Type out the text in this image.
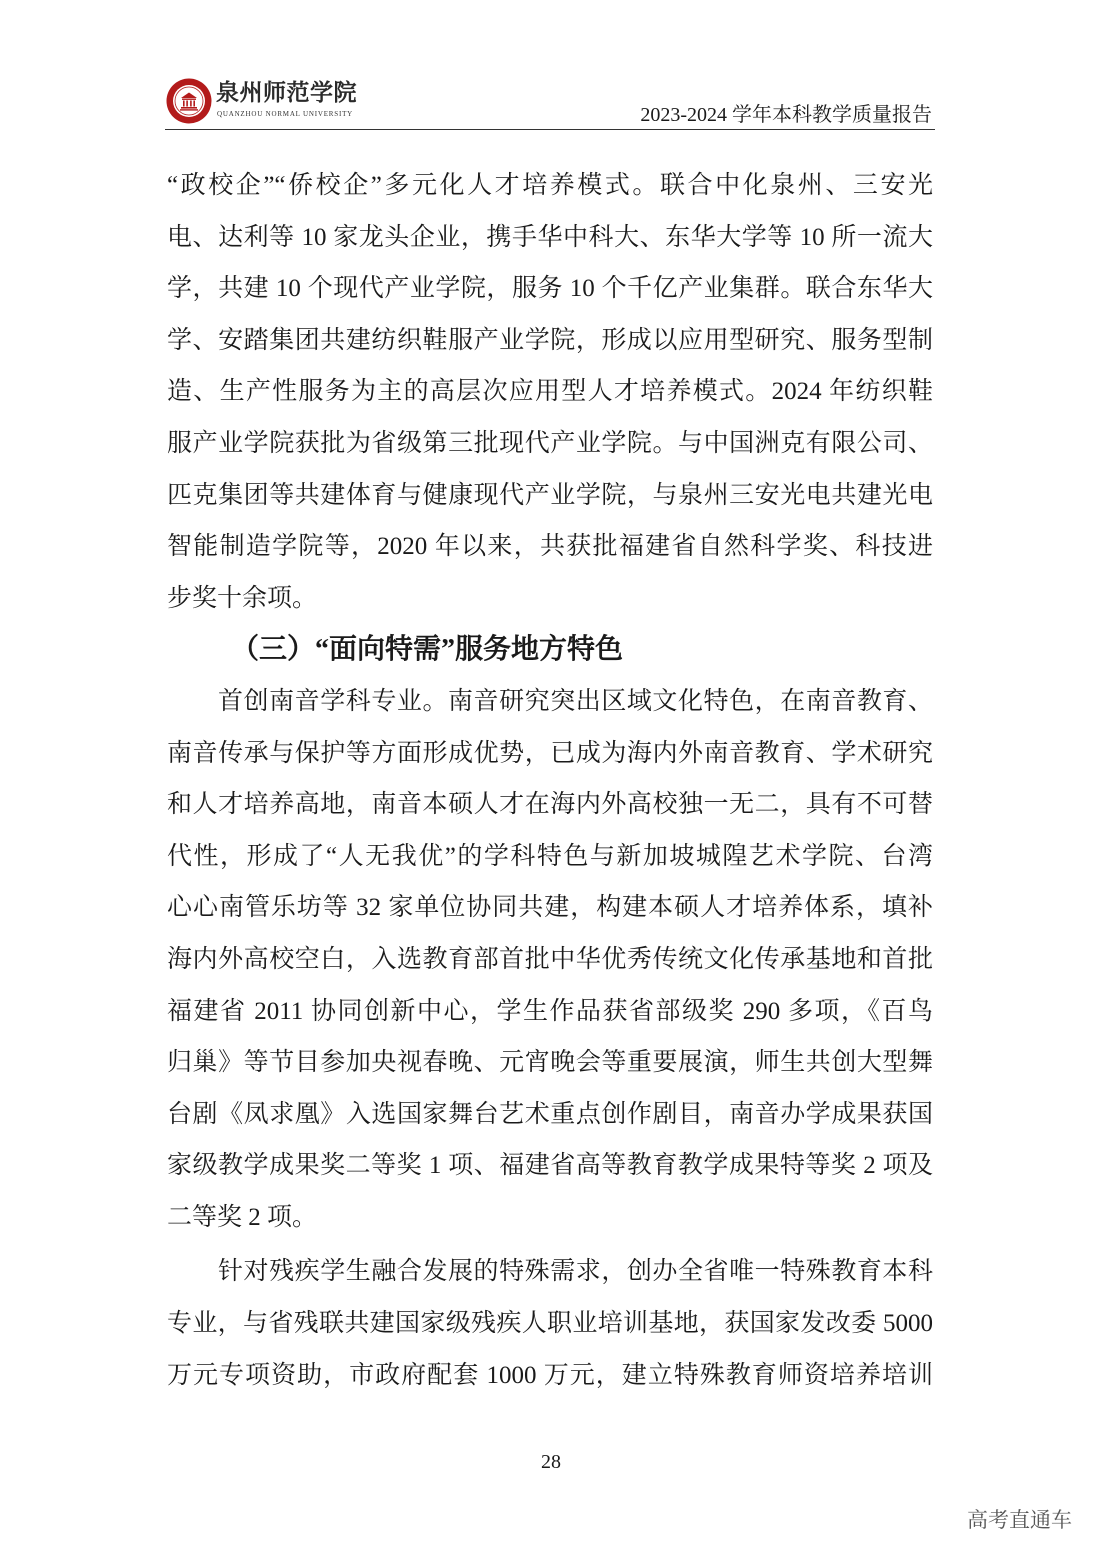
泉州师范学院
QUANZHOU NORMAL UNIVERSITY	2023-2024 学年本科教学质量报告
“政校企”“侨校企”多元化人才培养模式。联合中化泉州、三安光
电、达利等 10 家龙头企业，携手华中科大、东华大学等 10 所一流大
学，共建 10 个现代产业学院，服务 10 个千亿产业集群。联合东华大
学、安踏集团共建纺织鞋服产业学院，形成以应用型研究、服务型制
造、生产性服务为主的高层次应用型人才培养模式。2024 年纺织鞋
服产业学院获批为省级第三批现代产业学院。与中国洲克有限公司、
匹克集团等共建体育与健康现代产业学院，与泉州三安光电共建光电
智能制造学院等，2020 年以来，共获批福建省自然科学奖、科技进
步奖十余项。
（三）“面向特需”服务地方特色
首创南音学科专业。南音研究突出区域文化特色，在南音教育、
南音传承与保护等方面形成优势，已成为海内外南音教育、学术研究
和人才培养高地，南音本硕人才在海内外高校独一无二，具有不可替
代性，形成了“人无我优”的学科特色与新加坡城隍艺术学院、台湾
心心南管乐坊等 32 家单位协同共建，构建本硕人才培养体系，填补
海内外高校空白，入选教育部首批中华优秀传统文化传承基地和首批
福建省 2011 协同创新中心，学生作品获省部级奖 290 多项，《百鸟
归巢》等节目参加央视春晚、元宵晚会等重要展演，师生共创大型舞
台剧《凤求凰》入选国家舞台艺术重点创作剧目，南音办学成果获国
家级教学成果奖二等奖 1 项、福建省高等教育教学成果特等奖 2 项及
二等奖 2 项。
针对残疾学生融合发展的特殊需求，创办全省唯一特殊教育本科
专业，与省残联共建国家级残疾人职业培训基地，获国家发改委 5000
万元专项资助，市政府配套 1000 万元，建立特殊教育师资培养培训
28
高考直通车
